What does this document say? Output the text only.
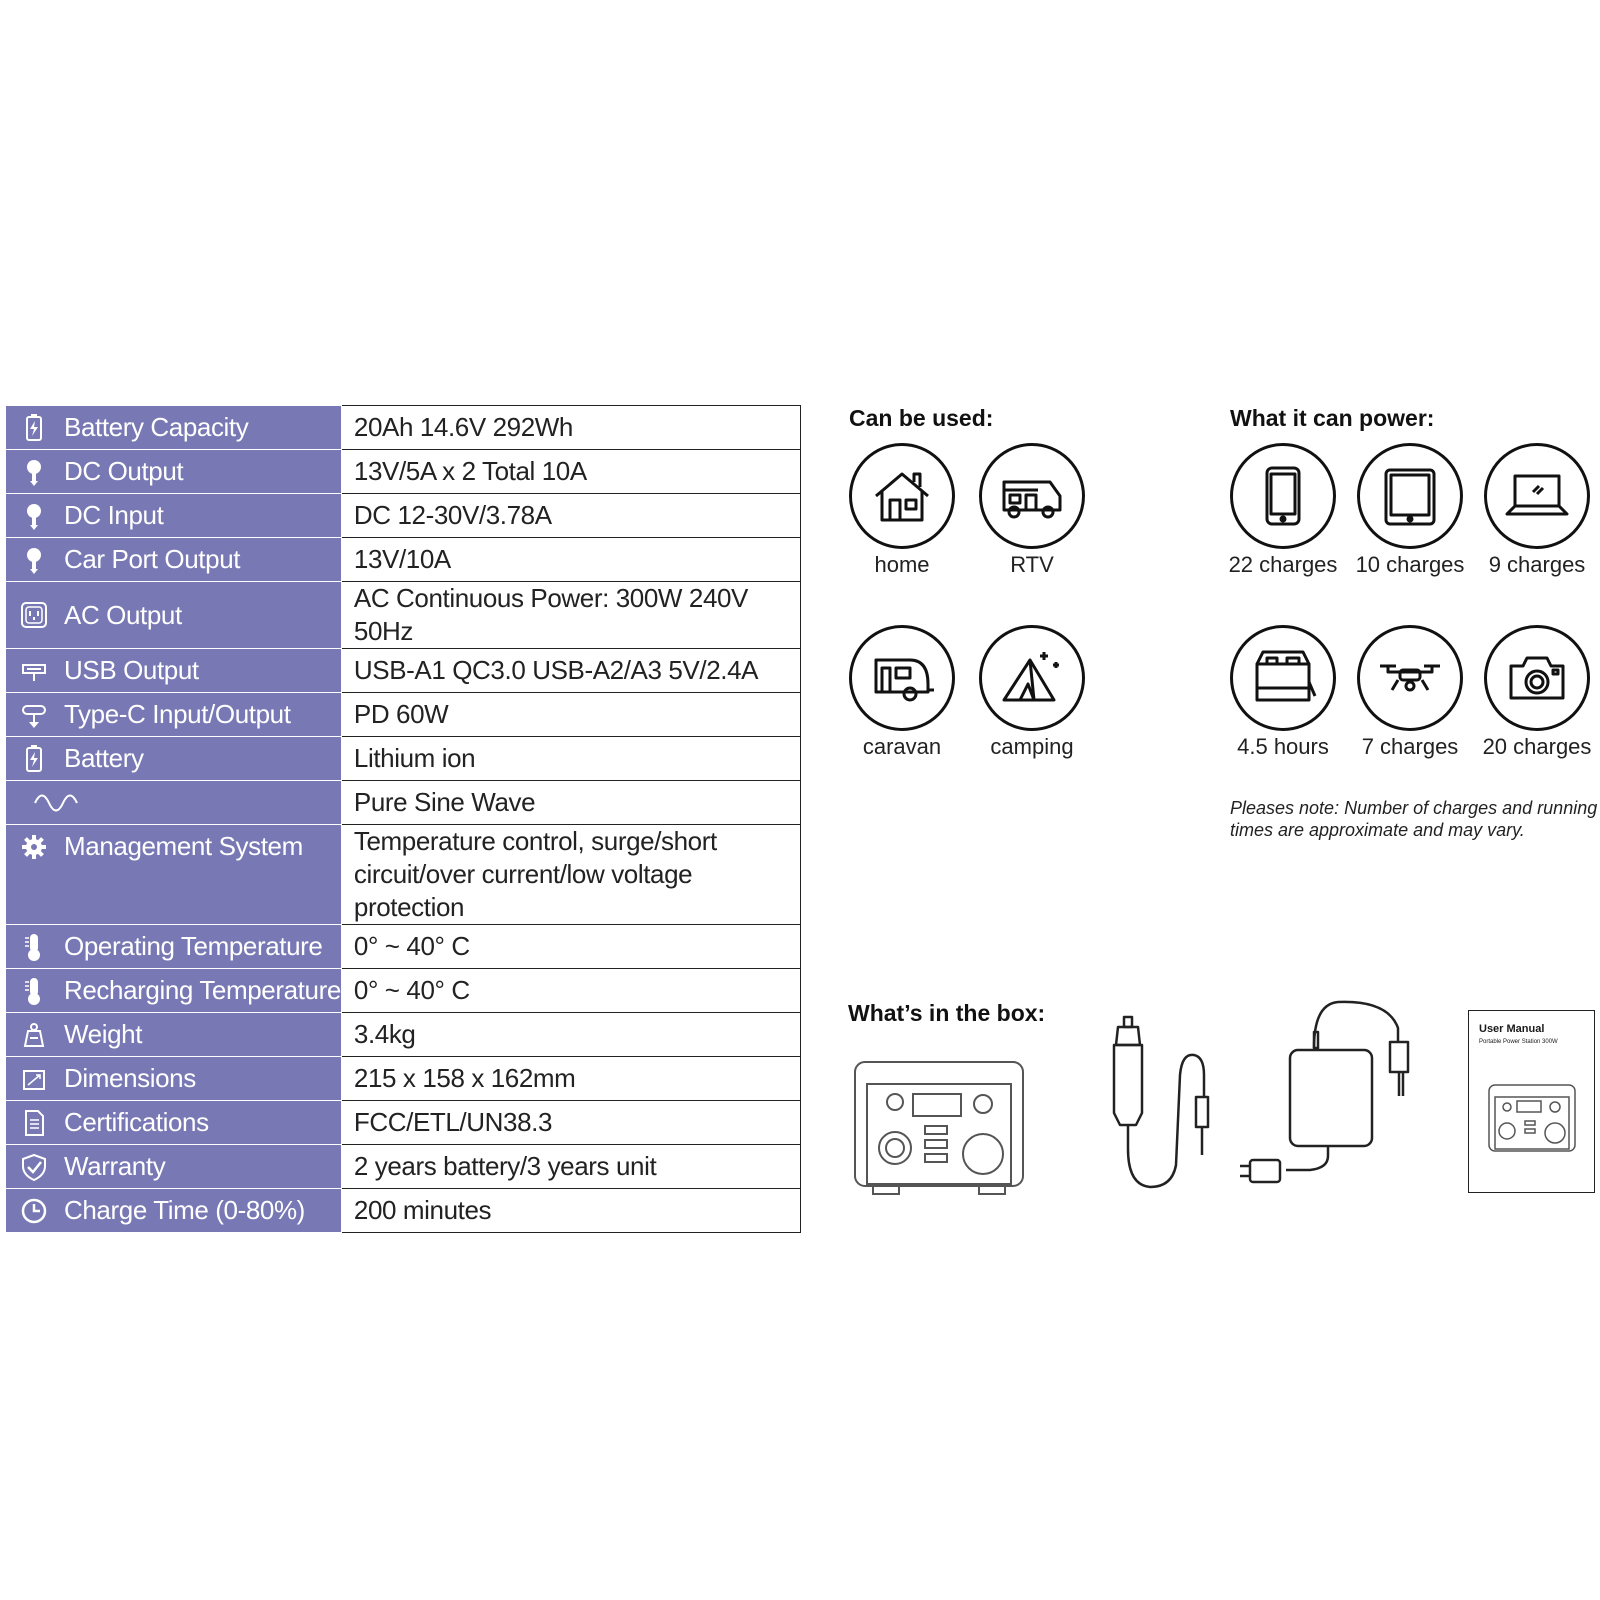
Battery Capacity	20Ah 14.6V 292Wh

DC Output	13V/5A x 2 Total 10A

DC Input	DC 12-30V/3.78A

Car Port Output	13V/10A

AC Output	AC Continuous Power: 300W 240V 50Hz

USB Output	USB-A1 QC3.0 USB-A2/A3 5V/2.4A

Type-C Input/Output	PD 60W

Battery	Lithium ion

	Pure Sine Wave

Management System	Temperature control, surge/short circuit/over current/low voltage protection

Operating Temperature	0° ~ 40° C

Recharging Temperature	0° ~ 40° C

Weight	3.4kg

Dimensions	215 x 158 x 162mm

Certifications	FCC/ETL/UN38.3

Warranty	2 years battery/3 years unit

Charge Time (0-80%)	200 minutes
Can be used:
home	RTV
caravan	camping
What it can power:
22 charges 10 charges	9 charges
4.5 hours	7 charges	20 charges
Pleases note: Number of charges and running times are approximate and may vary.
What’s in the box:
User Manual
Portable Power Station 300W
